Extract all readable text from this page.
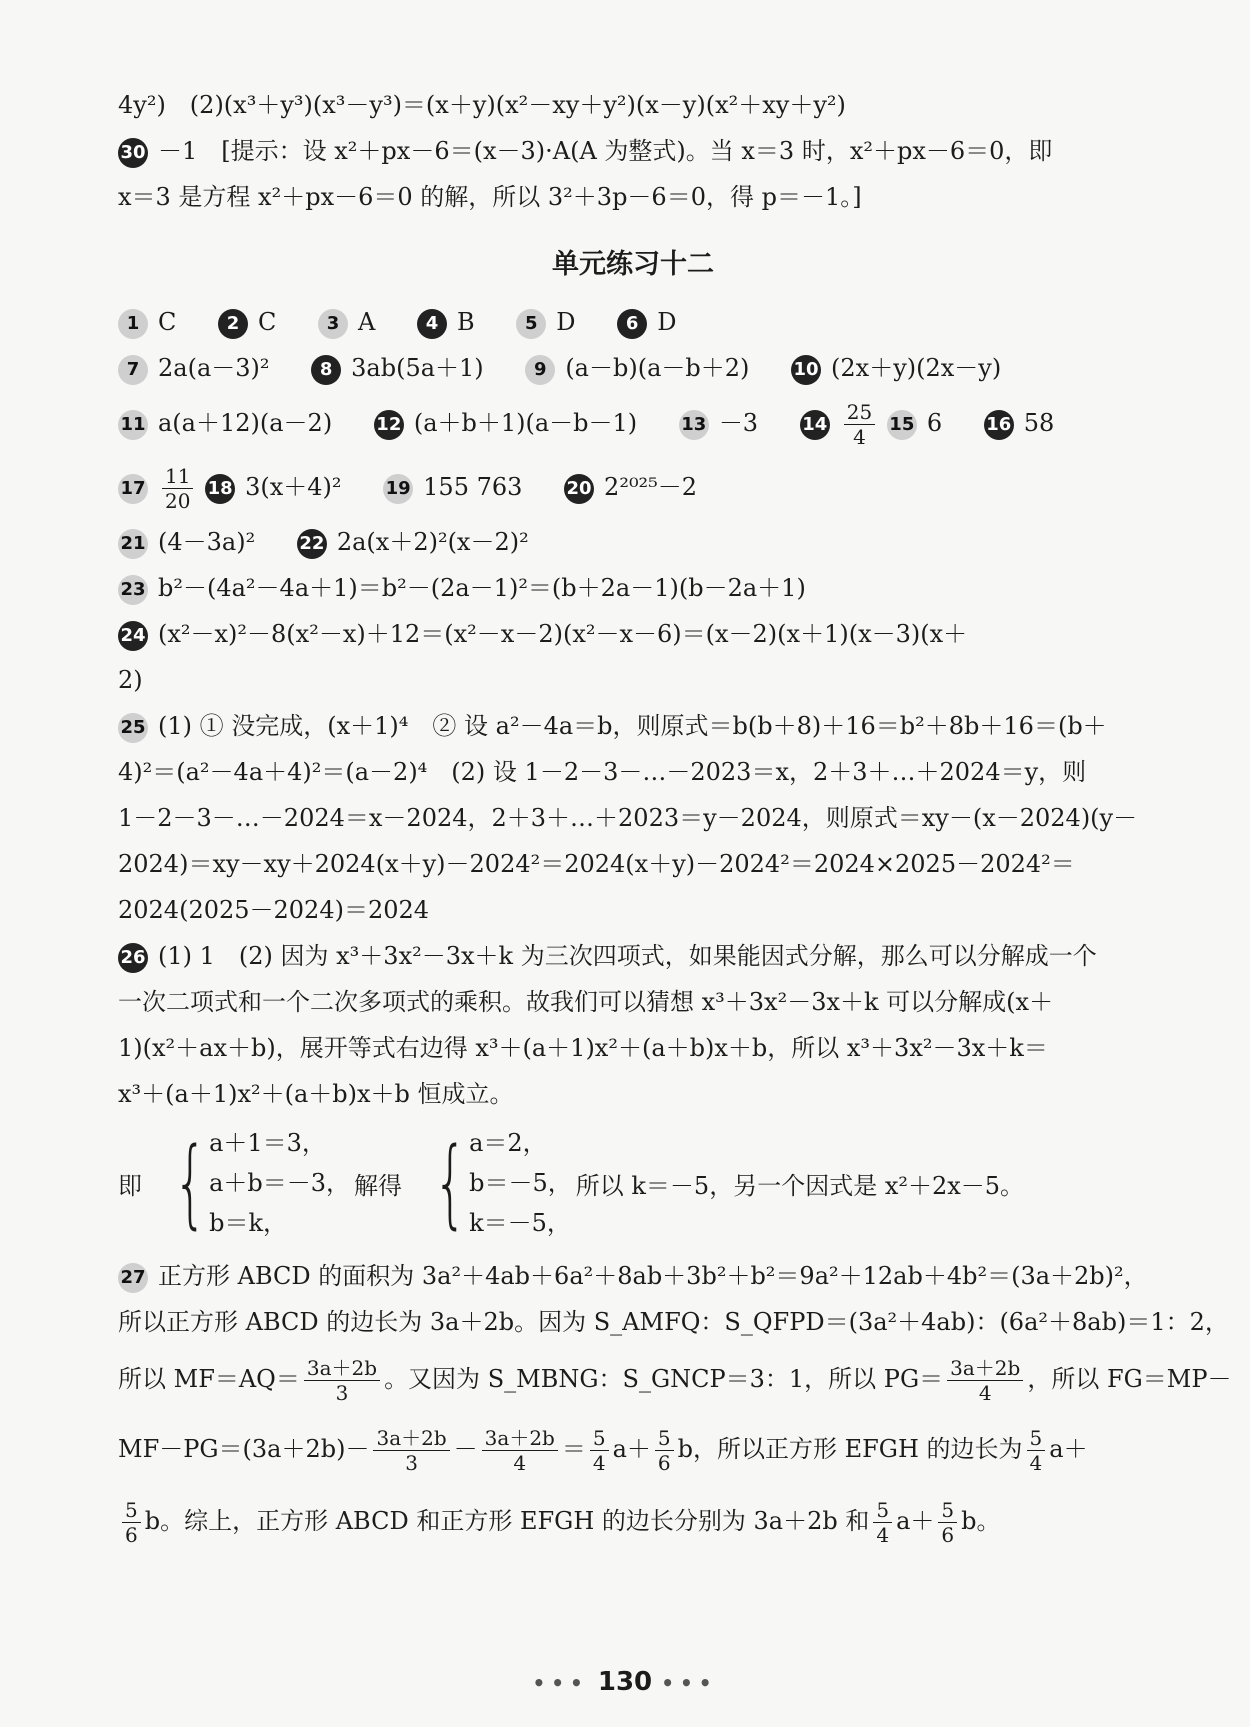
4y²)　(2)(x³＋y³)(x³－y³)＝(x＋y)(x²－xy＋y²)(x－y)(x²＋xy＋y²)
30 －1　[提示：设 x²＋px－6＝(x－3)·A(A 为整式)。当 x＝3 时，x²＋px－6＝0，即
x＝3 是方程 x²＋px－6＝0 的解，所以 3²＋3p－6＝0，得 p＝－1。]
单元练习十二
1 C	2 C	3 A	4 B	5 D	6 D
7 2a(a－3)²	8 3ab(5a＋1)	9 (a－b)(a－b＋2) 10 (2x＋y)(2x－y)
11 a(a＋12)(a－2) 12 (a＋b＋1)(a－b－1) 13 －3 $14 \frac{25}{4} 15$ 6 16 58
$17 \frac{11}{20} 18$ 3(x＋4)² 19 155 763 20 2²⁰²⁵－2
21 (4－3a)² 22 2a(x＋2)²(x－2)²
23 b²－(4a²－4a＋1)＝b²－(2a－1)²＝(b＋2a－1)(b－2a＋1)
24 (x²－x)²－8(x²－x)＋12＝(x²－x－2)(x²－x－6)＝(x－2)(x＋1)(x－3)(x＋
2)
25 (1) ① 没完成，(x＋1)⁴　② 设 a²－4a＝b，则原式＝b(b＋8)＋16＝b²＋8b＋16＝(b＋
4)²＝(a²－4a＋4)²＝(a－2)⁴　(2) 设 1－2－3－…－2023＝x，2＋3＋…＋2024＝y，则
1－2－3－…－2024＝x－2024，2＋3＋…＋2023＝y－2024，则原式＝xy－(x－2024)(y－
2024)＝xy－xy＋2024(x＋y)－2024²＝2024(x＋y)－2024²＝2024×2025－2024²＝
2024(2025－2024)＝2024
26 (1) 1　(2) 因为 x³＋3x²－3x＋k 为三次四项式，如果能因式分解，那么可以分解成一个
一次二项式和一个二次多项式的乘积。故我们可以猜想 x³＋3x²－3x＋k 可以分解成(x＋
1)(x²＋ax＋b)，展开等式右边得 x³＋(a＋1)x²＋(a＋b)x＋b，所以 x³＋3x²－3x＋k＝
x³＋(a＋1)x²＋(a＋b)x＋b 恒成立。
即 { a＋1＝3，
a＋b＝－3，
b＝k，
解得 { a＝2，
b＝－5，
k＝－5，
所以 k＝－5，另一个因式是 x²＋2x－5。
27 正方形 ABCD 的面积为 3a²＋4ab＋6a²＋8ab＋3b²＋b²＝9a²＋12ab＋4b²＝(3a＋2b)²，
所以正方形 ABCD 的边长为 3a＋2b。因为 S_AMFQ：S_QFPD＝(3a²＋4ab)：(6a²＋8ab)＝1：2，
所以 $MF=AQ= \frac{3a+2b}{3}$ 。又因为 S_MBNG：S_GNCP＝3：1，所以 $PG= \frac{3a+2b}{4}$ ，所以 FG＝MP－
$MF-PG=(3a+2b)- \frac{3a+2b}{3} - \frac{3a+2b}{4} = \frac{5}{4} a+ \frac{5}{6}$ b，所以正方形 EFGH 的边长为 $\frac{5}{4} a+$
$\frac{5}{6}$ b。综上，正方形 ABCD 和正方形 EFGH 的边长分别为 3a＋2b 和 $\frac{5}{4} a+ \frac{5}{6}$ b。
••• 130 •••
